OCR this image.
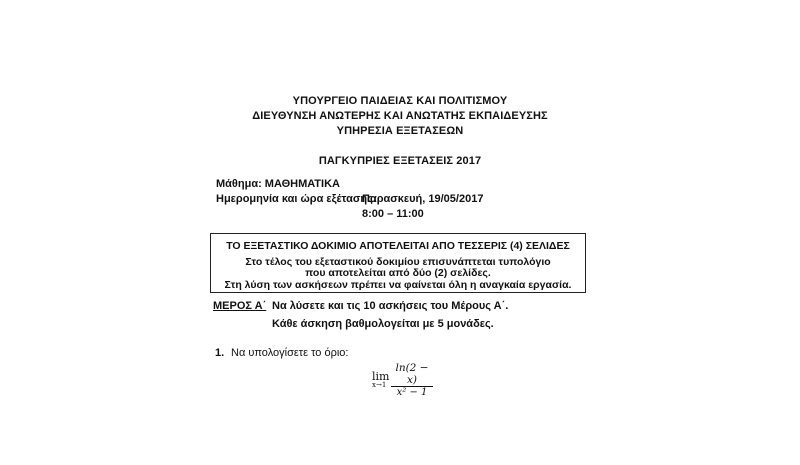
ΥΠΟΥΡΓΕΙΟ ΠΑΙΔΕΙΑΣ ΚΑΙ ΠΟΛΙΤΙΣΜΟΥ
ΔΙΕΥΘΥΝΣΗ ΑΝΩΤΕΡΗΣ ΚΑΙ ΑΝΩΤΑΤΗΣ ΕΚΠΑΙΔΕΥΣΗΣ
ΥΠΗΡΕΣΙΑ ΕΞΕΤΑΣΕΩΝ
ΠΑΓΚΥΠΡΙΕΣ ΕΞΕΤΑΣΕΙΣ 2017
Μάθημα: ΜΑΘΗΜΑΤΙΚΑ
Ημερομηνία και ώρα εξέτασης:
Παρασκευή, 19/05/2017
8:00 – 11:00
ΤΟ ΕΞΕΤΑΣΤΙΚΟ ΔΟΚΙΜΙΟ ΑΠΟΤΕΛΕΙΤΑΙ ΑΠΟ ΤΕΣΣΕΡΙΣ (4) ΣΕΛΙΔΕΣ
Στο τέλος του εξεταστικού δοκιμίου επισυνάπτεται τυπολόγιο
που αποτελείται από δύο (2) σελίδες.
Στη λύση των ασκήσεων πρέπει να φαίνεται όλη η αναγκαία εργασία.
ΜΕΡΟΣ Α΄ Να λύσετε και τις 10 ασκήσεις του Μέρους Α΄.
Κάθε άσκηση βαθμολογείται με 5 μονάδες.
1. Να υπολογίσετε το όριο:
lim
x→1
ln(2 − x)
x² − 1
